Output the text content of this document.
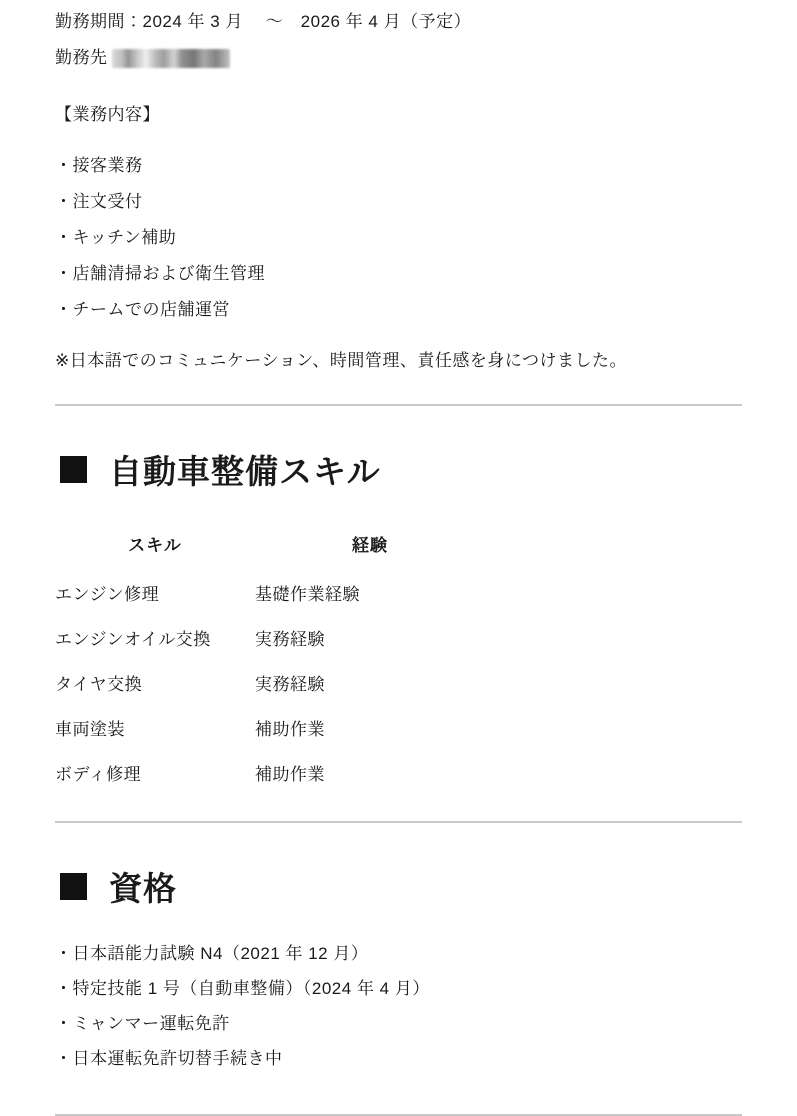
勤務期間：2024 年 3 月 　〜　2026 年 4 月（予定）
勤務先
【業務内容】
・接客業務
・注文受付
・キッチン補助
・店舗清掃および衛生管理
・チームでの店舗運営
※日本語でのコミュニケーション、時間管理、責任感を身につけました。
自動車整備スキル
スキル	経験
エンジン修理	基礎作業経験
エンジンオイル交換	実務経験
タイヤ交換	実務経験
車両塗装	補助作業
ボディ修理	補助作業
資格
・日本語能力試験 N4（2021 年 12 月）
・特定技能 1 号（自動車整備）（2024 年 4 月）
・ミャンマー運転免許
・日本運転免許切替手続き中
